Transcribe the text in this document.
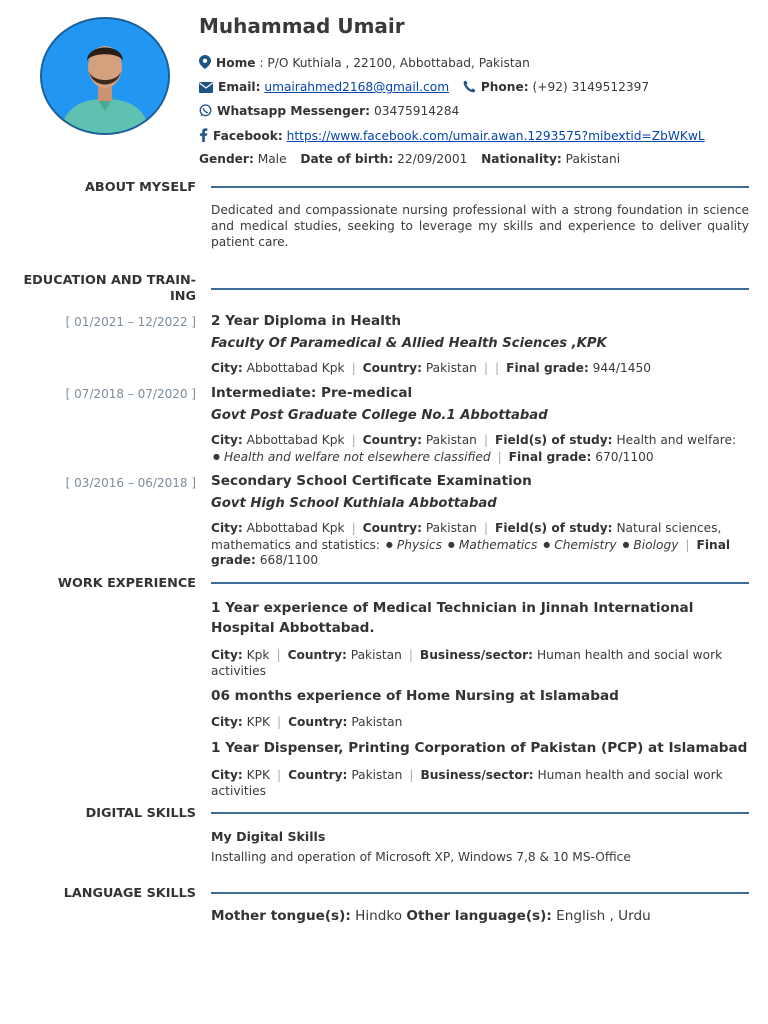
Muhammad Umair
Home : P/O Kuthiala , 22100, Abbottabad, Pakistan
Email: umairahmed2168@gmail.com	Phone: (+92) 3149512397
Whatsapp Messenger: 03475914284
Facebook: https://www.facebook.com/umair.awan.1293575?mibextid=ZbWKwL
Gender: Male Date of birth: 22/09/2001 Nationality: Pakistani
ABOUT MYSELF
Dedicated and compassionate nursing professional with a strong foundation in science and medical studies, seeking to leverage my skills and experience to deliver quality patient care.
EDUCATION AND TRAIN-
ING
[ 01/2021 – 12/2022 ] 2 Year Diploma in Health
Faculty Of Paramedical & Allied Health Sciences ,KPK
City: Abbottabad Kpk | Country: Pakistan | | Final grade: 944/1450
[ 07/2018 – 07/2020 ] Intermediate: Pre-medical
Govt Post Graduate College No.1 Abbottabad
City: Abbottabad Kpk | Country: Pakistan | Field(s) of study: Health and welfare:
● Health and welfare not elsewhere classified | Final grade: 670/1100
[ 03/2016 – 06/2018 ] Secondary School Certificate Examination
Govt High School Kuthiala Abbottabad
City: Abbottabad Kpk | Country: Pakistan | Field(s) of study: Natural sciences, mathematics and statistics: ● Physics ● Mathematics ● Chemistry ● Biology | Final grade: 668/1100
WORK EXPERIENCE
1 Year experience of Medical Technician in Jinnah International Hospital Abbottabad.
City: Kpk | Country: Pakistan | Business/sector: Human health and social work activities
06 months experience of Home Nursing at Islamabad
City: KPK | Country: Pakistan
1 Year Dispenser, Printing Corporation of Pakistan (PCP) at Islamabad
City: KPK | Country: Pakistan | Business/sector: Human health and social work activities
DIGITAL SKILLS
My Digital Skills
Installing and operation of Microsoft XP, Windows 7,8 & 10 MS-Office
LANGUAGE SKILLS
Mother tongue(s): Hindko Other language(s): English , Urdu
